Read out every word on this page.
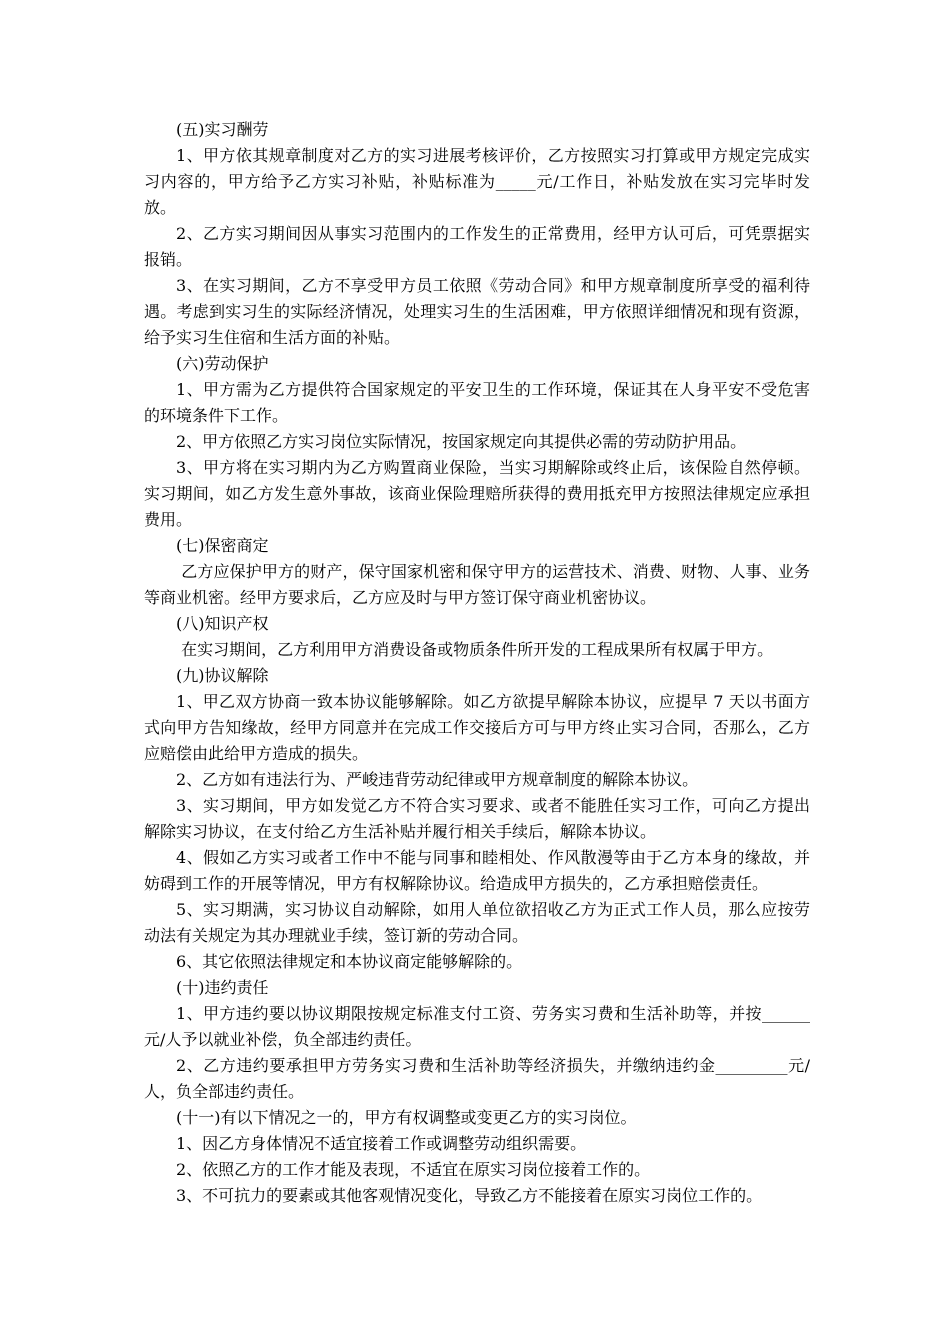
(五)实习酬劳

1、甲方依其规章制度对乙方的实习进展考核评价，乙方按照实习打算或甲方规定完成实习内容的，甲方给予乙方实习补贴，补贴标准为_____元/工作日，补贴发放在实习完毕时发放。

2、乙方实习期间因从事实习范围内的工作发生的正常费用，经甲方认可后，可凭票据实报销。

3、在实习期间，乙方不享受甲方员工依照《劳动合同》和甲方规章制度所享受的福利待遇。考虑到实习生的实际经济情况，处理实习生的生活困难，甲方依照详细情况和现有资源，给予实习生住宿和生活方面的补贴。

(六)劳动保护

1、甲方需为乙方提供符合国家规定的平安卫生的工作环境，保证其在人身平安不受危害的环境条件下工作。

2、甲方依照乙方实习岗位实际情况，按国家规定向其提供必需的劳动防护用品。

3、甲方将在实习期内为乙方购置商业保险，当实习期解除或终止后，该保险自然停顿。实习期间，如乙方发生意外事故，该商业保险理赔所获得的费用抵充甲方按照法律规定应承担费用。

(七)保密商定

乙方应保护甲方的财产，保守国家机密和保守甲方的运营技术、消费、财物、人事、业务等商业机密。经甲方要求后，乙方应及时与甲方签订保守商业机密协议。

(八)知识产权

在实习期间，乙方利用甲方消费设备或物质条件所开发的工程成果所有权属于甲方。

(九)协议解除

1、甲乙双方协商一致本协议能够解除。如乙方欲提早解除本协议，应提早 7 天以书面方式向甲方告知缘故，经甲方同意并在完成工作交接后方可与甲方终止实习合同，否那么，乙方应赔偿由此给甲方造成的损失。

2、乙方如有违法行为、严峻违背劳动纪律或甲方规章制度的解除本协议。

3、实习期间，甲方如发觉乙方不符合实习要求、或者不能胜任实习工作，可向乙方提出解除实习协议，在支付给乙方生活补贴并履行相关手续后，解除本协议。

4、假如乙方实习或者工作中不能与同事和睦相处、作风散漫等由于乙方本身的缘故，并妨碍到工作的开展等情况，甲方有权解除协议。给造成甲方损失的，乙方承担赔偿责任。

5、实习期满，实习协议自动解除，如用人单位欲招收乙方为正式工作人员，那么应按劳动法有关规定为其办理就业手续，签订新的劳动合同。

6、其它依照法律规定和本协议商定能够解除的。

(十)违约责任

1、甲方违约要以协议期限按规定标准支付工资、劳务实习费和生活补助等，并按______元/人予以就业补偿，负全部违约责任。

2、乙方违约要承担甲方劳务实习费和生活补助等经济损失，并缴纳违约金_________元/人，负全部违约责任。

(十一)有以下情况之一的，甲方有权调整或变更乙方的实习岗位。

1、因乙方身体情况不适宜接着工作或调整劳动组织需要。

2、依照乙方的工作才能及表现，不适宜在原实习岗位接着工作的。

3、不可抗力的要素或其他客观情况变化，导致乙方不能接着在原实习岗位工作的。
